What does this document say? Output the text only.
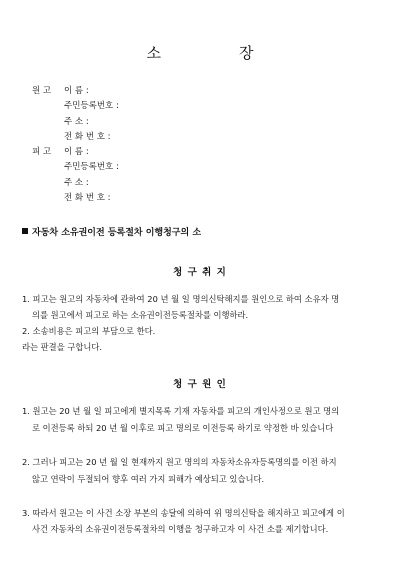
소	장
원 고 이 름 :
주민등록번호 :
주 소 :
전 화 번 호 :
피 고 이 름 :
주민등록번호 :
주 소 :
전 화 번 호 :
자동차 소유권이전 등록절차 이행청구의 소
청 구 취 지
1. 피고는 원고의 자동차에 관하여 20 년 월 일 명의신탁해지를 원인으로 하여 소유자 명
의를 원고에서 피고로 하는 소유권이전등록절차를 이행하라.
2. 소송비용은 피고의 부담으로 한다.
라는 판결을 구합니다.
청 구 원 인
1. 원고는 20 년 월 일 피고에게 별지목록 기재 자동차를 피고의 개인사정으로 원고 명의
로 이전등록 하되 20 년 월 이후로 피고 명의로 이전등록 하기로 약정한 바 있습니다
2. 그러나 피고는 20 년 월 일 현재까지 원고 명의의 자동차소유자등록명의를 이전 하지
않고 연락이 두절되어 향후 여러 가지 피해가 예상되고 있습니다.
3. 따라서 원고는 이 사건 소장 부본의 송달에 의하여 위 명의신탁을 해지하고 피고에게 이
사건 자동차의 소유권이전등록절차의 이행을 청구하고자 이 사건 소를 제기합니다.
